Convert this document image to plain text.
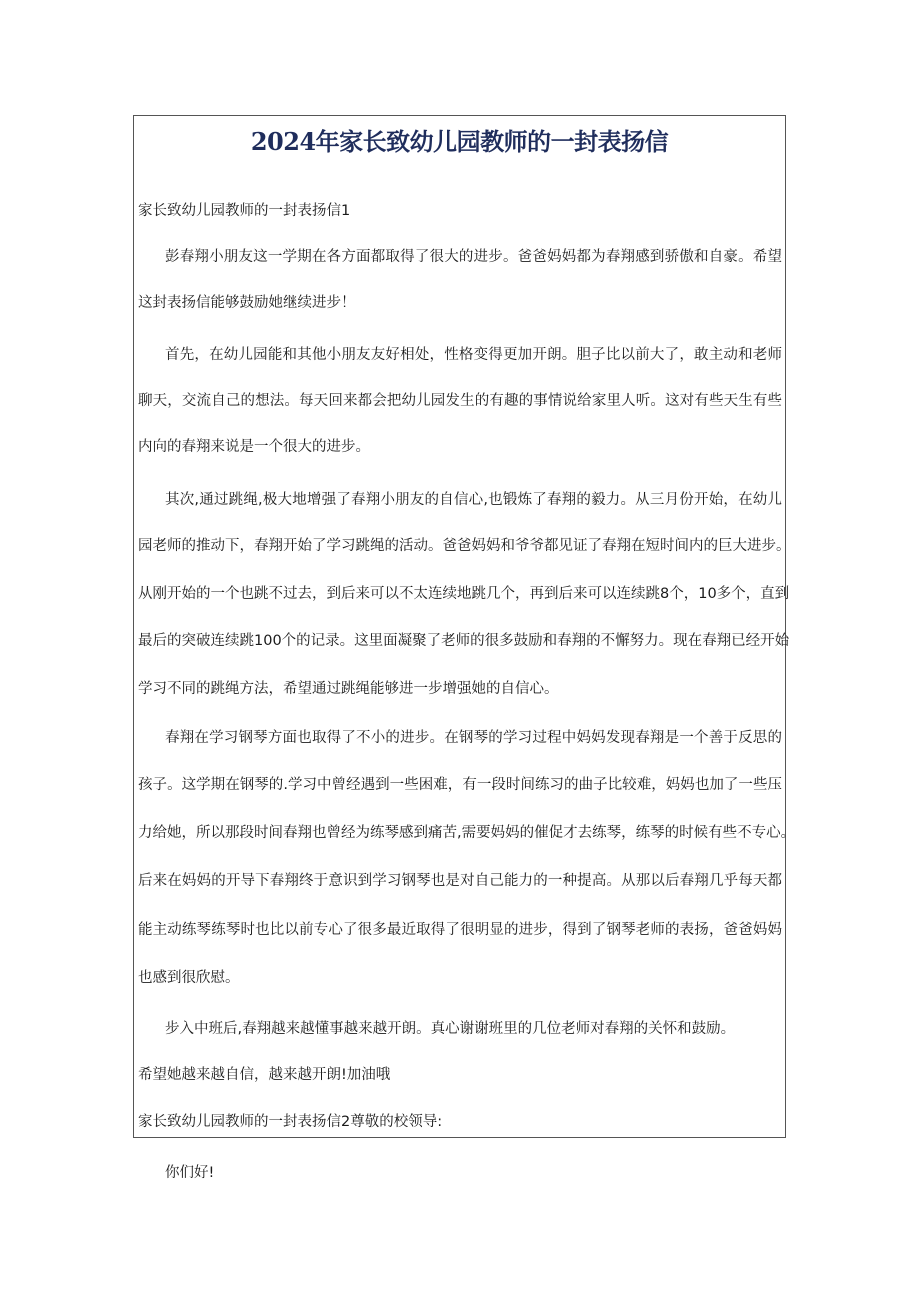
2024年家长致幼儿园教师的一封表扬信

家长致幼儿园教师的一封表扬信1

彭春翔小朋友这一学期在各方面都取得了很大的进步。爸爸妈妈都为春翔感到骄傲和自豪。希望

这封表扬信能够鼓励她继续进步！

首先，在幼儿园能和其他小朋友友好相处，性格变得更加开朗。胆子比以前大了，敢主动和老师

聊天，交流自己的想法。每天回来都会把幼儿园发生的有趣的事情说给家里人听。这对有些天生有些

内向的春翔来说是一个很大的进步。

其次,通过跳绳,极大地增强了春翔小朋友的自信心,也锻炼了春翔的毅力。从三月份开始，在幼儿

园老师的推动下，春翔开始了学习跳绳的活动。爸爸妈妈和爷爷都见证了春翔在短时间内的巨大进步。

从刚开始的一个也跳不过去，到后来可以不太连续地跳几个，再到后来可以连续跳8个，10多个，直到

最后的突破连续跳100个的记录。这里面凝聚了老师的很多鼓励和春翔的不懈努力。现在春翔已经开始

学习不同的跳绳方法，希望通过跳绳能够进一步增强她的自信心。

春翔在学习钢琴方面也取得了不小的进步。在钢琴的学习过程中妈妈发现春翔是一个善于反思的

孩子。这学期在钢琴的.学习中曾经遇到一些困难，有一段时间练习的曲子比较难，妈妈也加了一些压

力给她，所以那段时间春翔也曾经为练琴感到痛苦,需要妈妈的催促才去练琴，练琴的时候有些不专心。

后来在妈妈的开导下春翔终于意识到学习钢琴也是对自己能力的一种提高。从那以后春翔几乎每天都

能主动练琴练琴时也比以前专心了很多最近取得了很明显的进步，得到了钢琴老师的表扬，爸爸妈妈

也感到很欣慰。

步入中班后,春翔越来越懂事越来越开朗。真心谢谢班里的几位老师对春翔的关怀和鼓励。

希望她越来越自信，越来越开朗!加油哦

家长致幼儿园教师的一封表扬信2尊敬的校领导:

你们好!
